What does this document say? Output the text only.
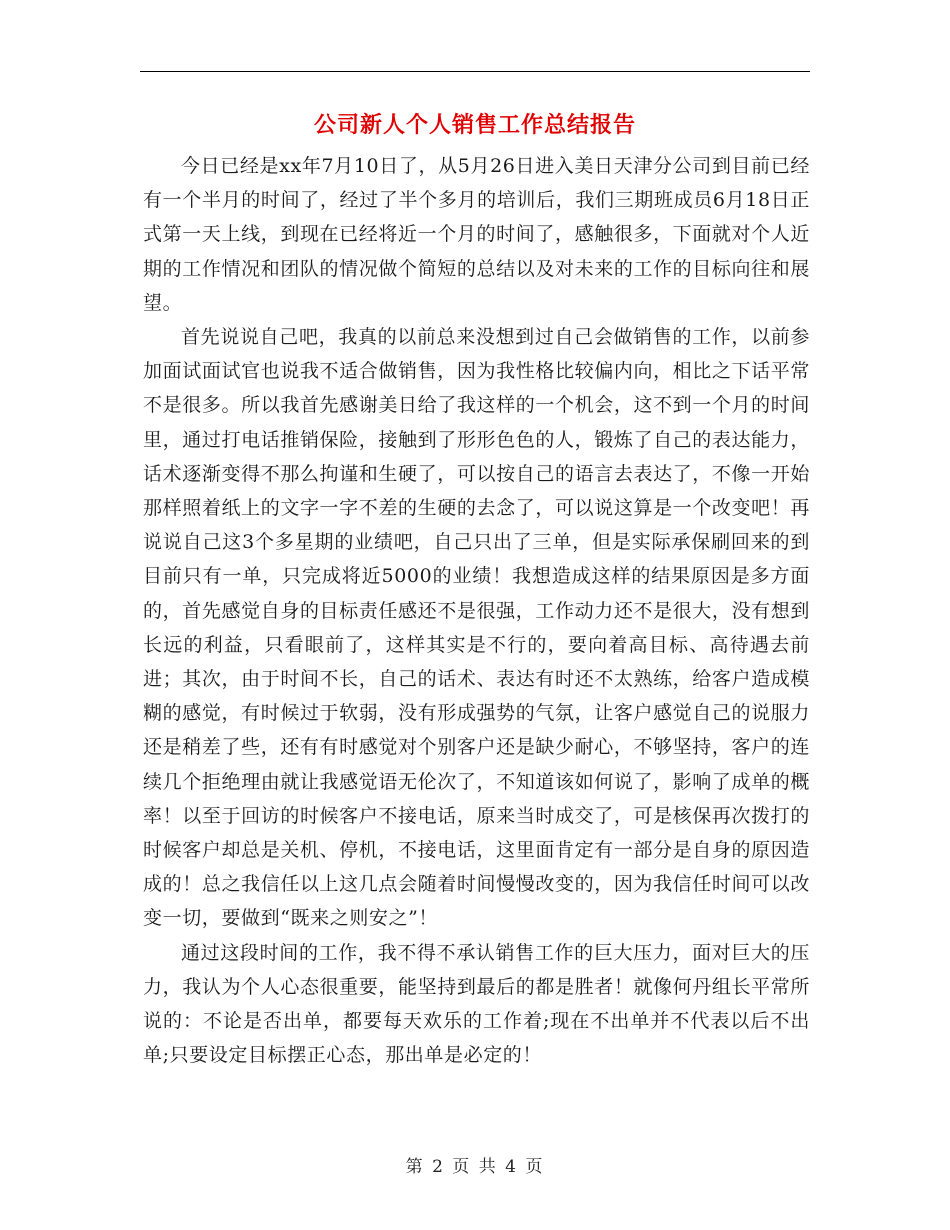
公司新人个人销售工作总结报告

今日已经是xx年7月10日了，从5月26日进入美日天津分公司到目前已经有一个半月的时间了，经过了半个多月的培训后，我们三期班成员6月18日正式第一天上线，到现在已经将近一个月的时间了，感触很多，下面就对个人近期的工作情况和团队的情况做个简短的总结以及对未来的工作的目标向往和展望。

首先说说自己吧，我真的以前总来没想到过自己会做销售的工作，以前参加面试面试官也说我不适合做销售，因为我性格比较偏内向，相比之下话平常不是很多。所以我首先感谢美日给了我这样的一个机会，这不到一个月的时间里，通过打电话推销保险，接触到了形形色色的人，锻炼了自己的表达能力，话术逐渐变得不那么拘谨和生硬了，可以按自己的语言去表达了，不像一开始那样照着纸上的文字一字不差的生硬的去念了，可以说这算是一个改变吧！再说说自己这3个多星期的业绩吧，自己只出了三单，但是实际承保刷回来的到目前只有一单，只完成将近5000的业绩！我想造成这样的结果原因是多方面的，首先感觉自身的目标责任感还不是很强，工作动力还不是很大，没有想到长远的利益，只看眼前了，这样其实是不行的，要向着高目标、高待遇去前进；其次，由于时间不长，自己的话术、表达有时还不太熟练，给客户造成模糊的感觉，有时候过于软弱，没有形成强势的气氛，让客户感觉自己的说服力还是稍差了些，还有有时感觉对个别客户还是缺少耐心，不够坚持，客户的连续几个拒绝理由就让我感觉语无伦次了，不知道该如何说了，影响了成单的概率！以至于回访的时候客户不接电话，原来当时成交了，可是核保再次拨打的时候客户却总是关机、停机，不接电话，这里面肯定有一部分是自身的原因造成的！总之我信任以上这几点会随着时间慢慢改变的，因为我信任时间可以改变一切，要做到“既来之则安之”！

通过这段时间的工作，我不得不承认销售工作的巨大压力，面对巨大的压力，我认为个人心态很重要，能坚持到最后的都是胜者！就像何丹组长平常所说的：不论是否出单，都要每天欢乐的工作着;现在不出单并不代表以后不出单;只要设定目标摆正心态，那出单是必定的！

第 2 页 共 4 页
